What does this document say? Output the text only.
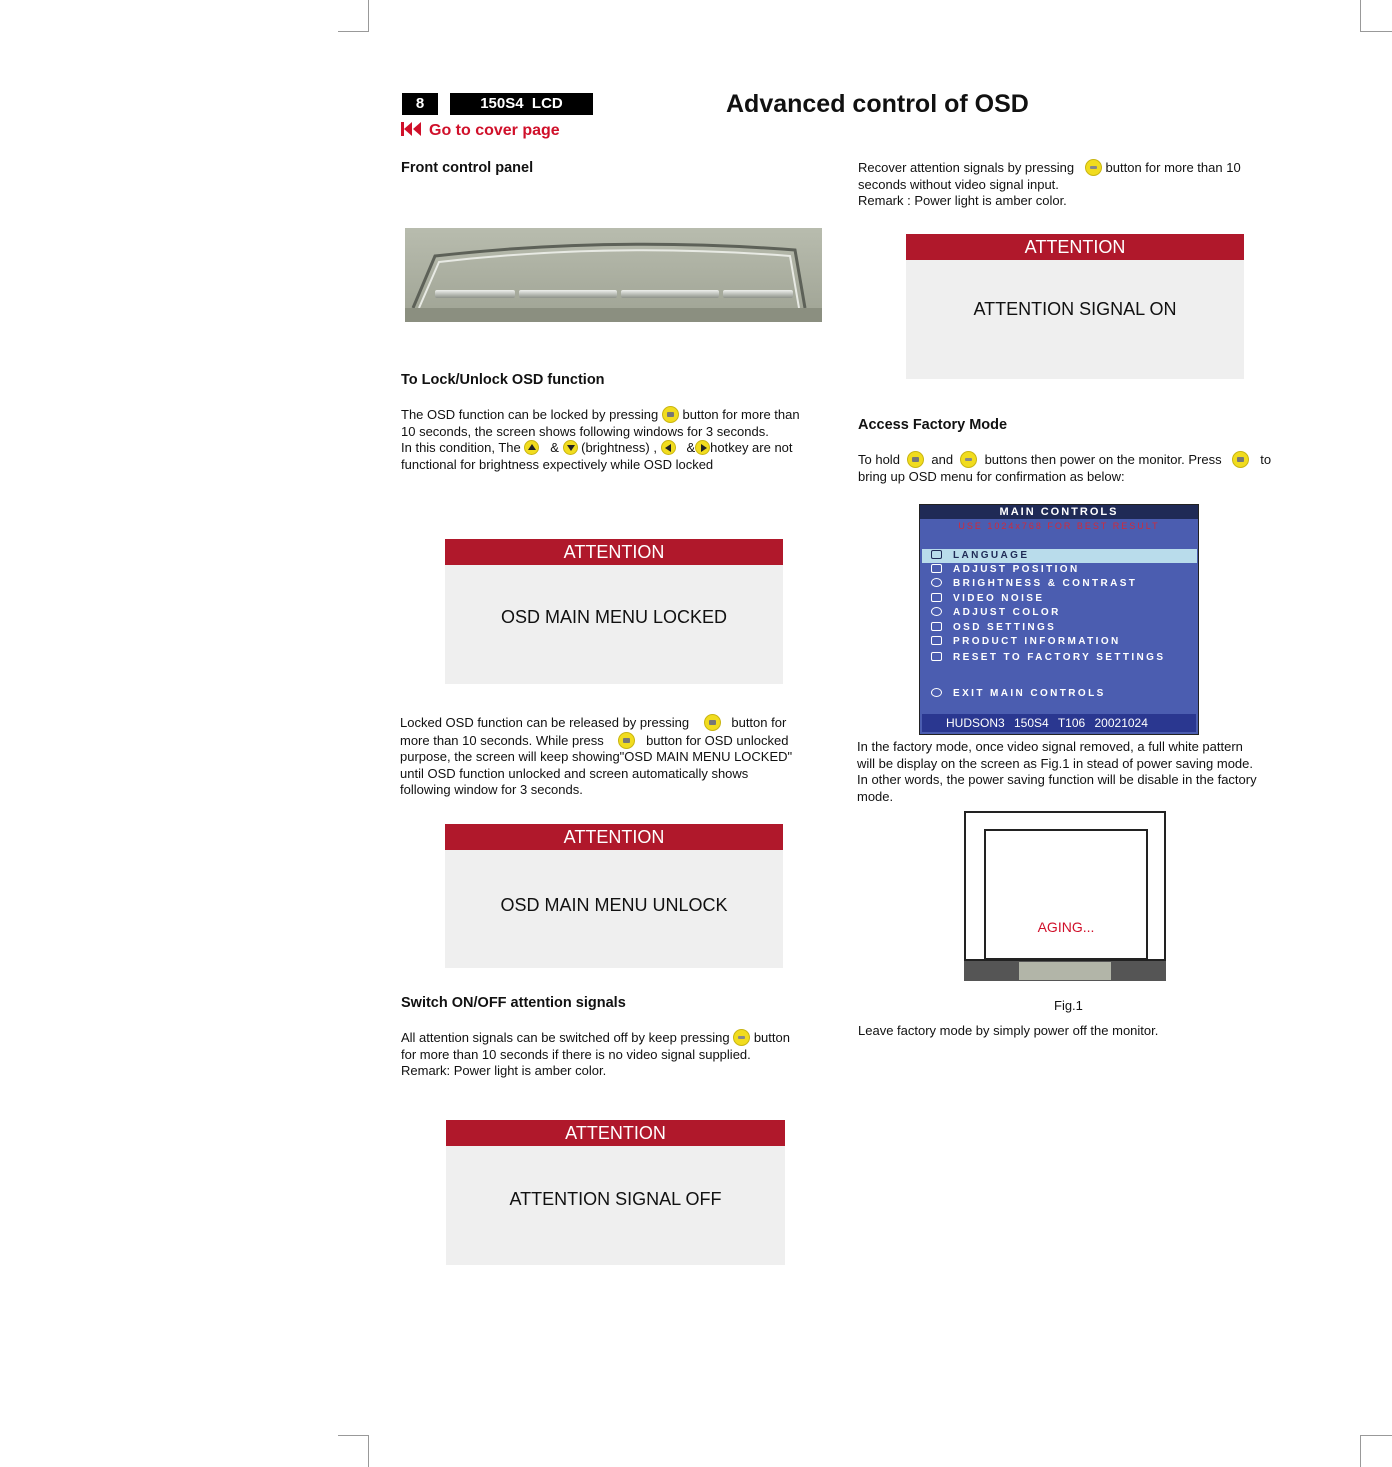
8	150S4  LCD	Advanced control of OSD
Go to cover page
Front control panel
To Lock/Unlock OSD function
The OSD function can be locked by pressing button for more than
10 seconds, the screen shows following windows for 3 seconds.
In this condition, The & (brightness) , & hotkey are not
functional for brightness expectively while OSD locked
ATTENTION
OSD MAIN MENU LOCKED
Locked OSD function can be released by pressing	button for
more than 10 seconds. While press	button for OSD unlocked
purpose, the screen will keep showing"OSD MAIN MENU LOCKED"
until OSD function unlocked and screen automatically shows
following window for 3 seconds.
ATTENTION
OSD MAIN MENU UNLOCK
Switch ON/OFF attention signals
All attention signals can be switched off by keep pressing button
for more than 10 seconds if there is no video signal supplied.
Remark: Power light is amber color.
ATTENTION
ATTENTION SIGNAL OFF
Recover attention signals by pressing button for more than 10
seconds without video signal input.
Remark : Power light is amber color.
ATTENTION
ATTENTION SIGNAL ON
Access Factory Mode
To hold and buttons then power on the monitor. Press	to
bring up OSD menu for confirmation as below:
MAIN CONTROLS
USE 1024x768 FOR BEST RESULT
LANGUAGE
ADJUST POSITION
BRIGHTNESS & CONTRAST
VIDEO NOISE
ADJUST COLOR
OSD SETTINGS
PRODUCT INFORMATION
RESET TO FACTORY SETTINGS
EXIT MAIN CONTROLS
HUDSON3 150S4 T106 20021024
In the factory mode, once video signal removed, a full white pattern
will be display on the screen as Fig.1 in stead of power saving mode.
In other words, the power saving function will be disable in the factory
mode.
AGING...
Fig.1
Leave factory mode by simply power off the monitor.
